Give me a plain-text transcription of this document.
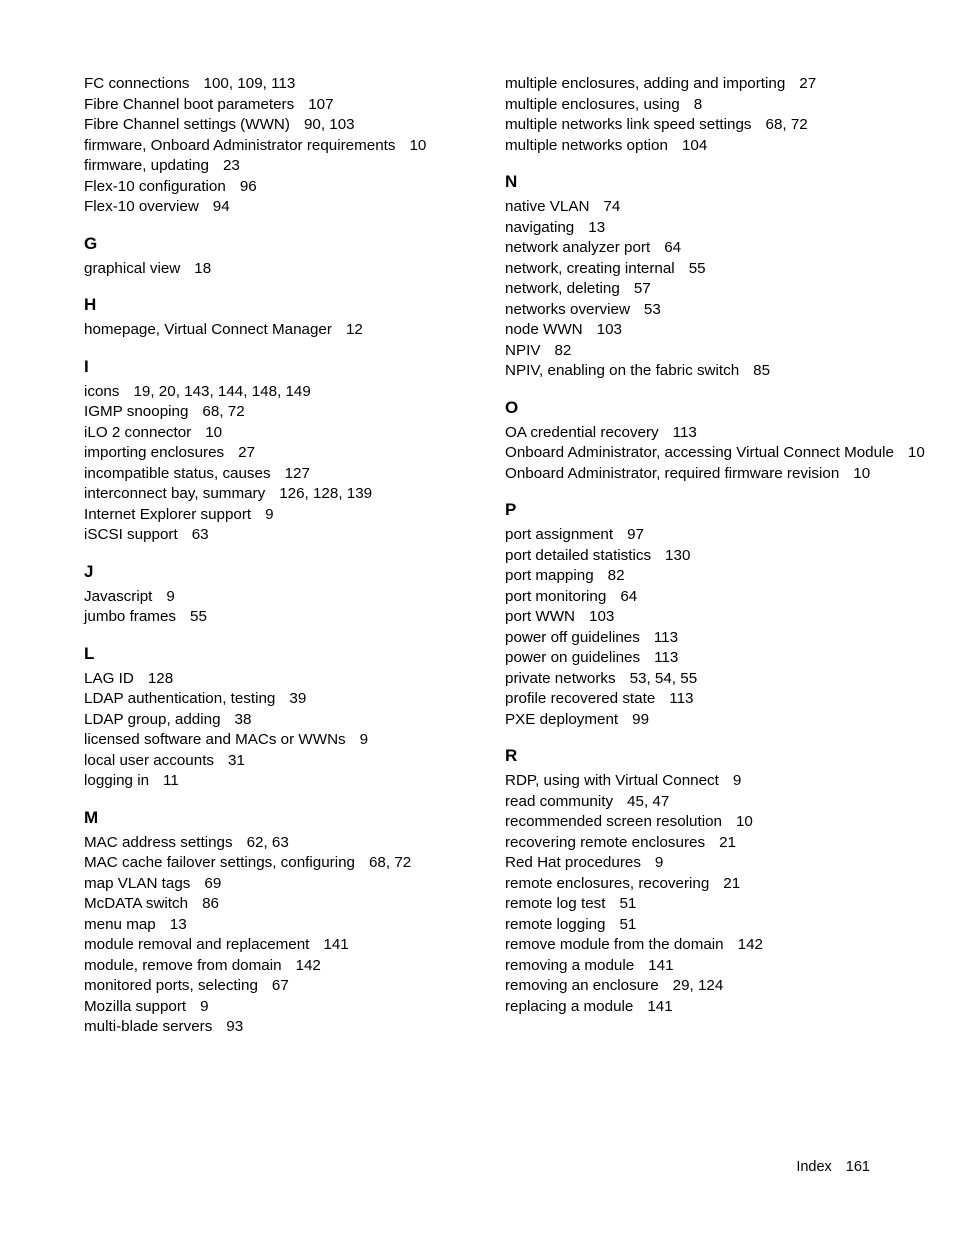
FC connections 100, 109, 113
Fibre Channel boot parameters 107
Fibre Channel settings (WWN) 90, 103
firmware, Onboard Administrator requirements 10
firmware, updating 23
Flex-10 configuration 96
Flex-10 overview 94
G
graphical view 18
H
homepage, Virtual Connect Manager 12
I
icons 19, 20, 143, 144, 148, 149
IGMP snooping 68, 72
iLO 2 connector 10
importing enclosures 27
incompatible status, causes 127
interconnect bay, summary 126, 128, 139
Internet Explorer support 9
iSCSI support 63
J
Javascript 9
jumbo frames 55
L
LAG ID 128
LDAP authentication, testing 39
LDAP group, adding 38
licensed software and MACs or WWNs 9
local user accounts 31
logging in 11
M
MAC address settings 62, 63
MAC cache failover settings, configuring 68, 72
map VLAN tags 69
McDATA switch 86
menu map 13
module removal and replacement 141
module, remove from domain 142
monitored ports, selecting 67
Mozilla support 9
multi-blade servers 93
multiple enclosures, adding and importing 27
multiple enclosures, using 8
multiple networks link speed settings 68, 72
multiple networks option 104
N
native VLAN 74
navigating 13
network analyzer port 64
network, creating internal 55
network, deleting 57
networks overview 53
node WWN 103
NPIV 82
NPIV, enabling on the fabric switch 85
O
OA credential recovery 113
Onboard Administrator, accessing Virtual Connect Module 10
Onboard Administrator, required firmware revision 10
P
port assignment 97
port detailed statistics 130
port mapping 82
port monitoring 64
port WWN 103
power off guidelines 113
power on guidelines 113
private networks 53, 54, 55
profile recovered state 113
PXE deployment 99
R
RDP, using with Virtual Connect 9
read community 45, 47
recommended screen resolution 10
recovering remote enclosures 21
Red Hat procedures 9
remote enclosures, recovering 21
remote log test 51
remote logging 51
remove module from the domain 142
removing a module 141
removing an enclosure 29, 124
replacing a module 141
Index 161
